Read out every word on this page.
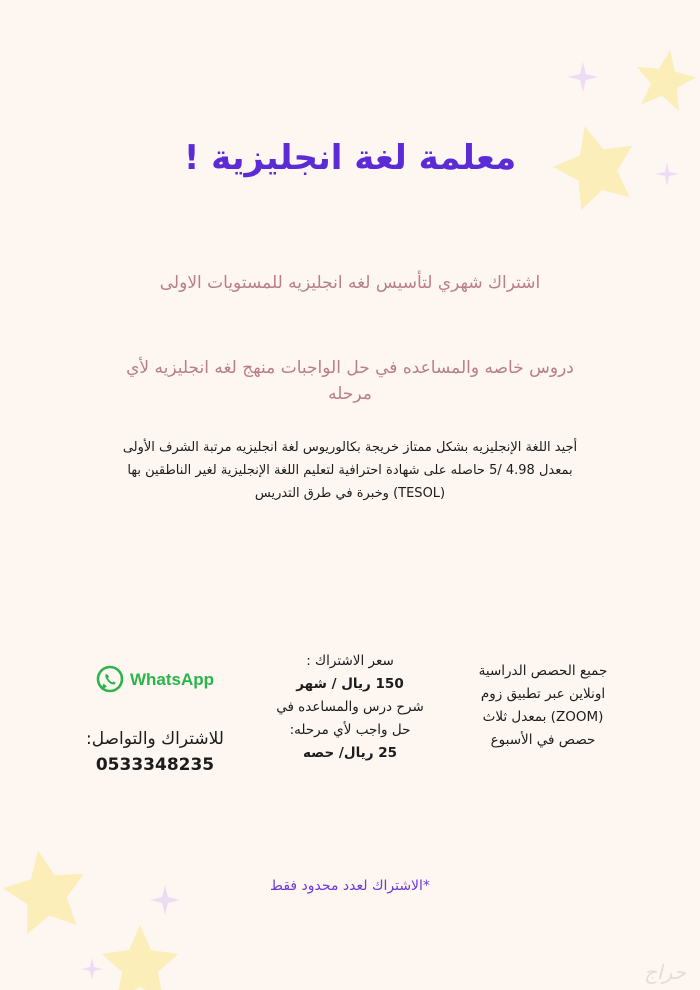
معلمة لغة انجليزية !
اشتراك شهري لتأسيس لغه انجليزيه للمستويات الاولى
دروس خاصه والمساعده في حل الواجبات منهج لغه انجليزيه لأي مرحله
أجيد اللغة الإنجليزيه بشكل ممتاز خريجة بكالوريوس لغة انجليزيه مرتبة الشرف الأولى بمعدل 4.98 /5 حاصله على شهادة احترافية لتعليم اللغة الإنجليزية لغير الناطقين بها (TESOL) وخبرة في طرق التدريس
جميع الحصص الدراسية
اونلاين عبر تطبيق زوم
(ZOOM) بمعدل ثلاث
حصص في الأسبوع
سعر الاشتراك :
150 ريال / شهر
شرح درس والمساعده في
حل واجب لأي مرحله:
25 ريال/ حصه
WhatsApp
للاشتراك والتواصل:
0533348235
*الاشتراك لعدد محدود فقط
حراج
